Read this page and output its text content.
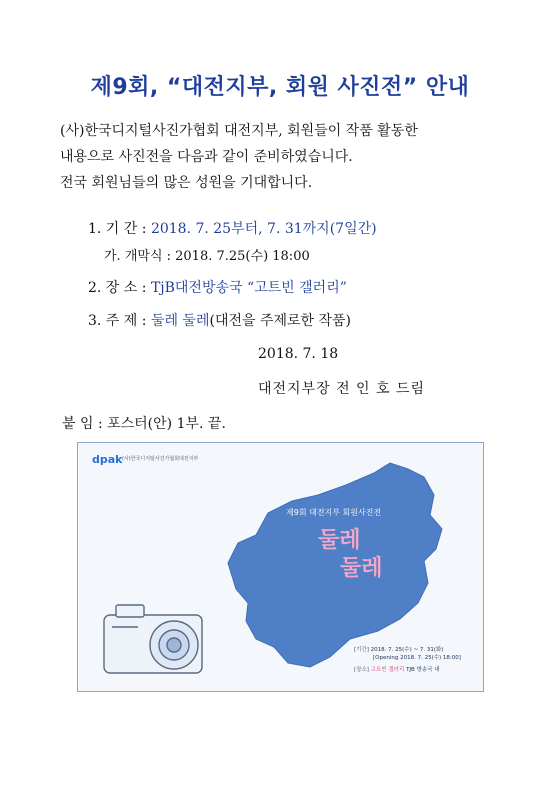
제9회, “대전지부, 회원 사진전” 안내

(사)한국디지털사진가협회 대전지부, 회원들이 작품 활동한

내용으로 사진전을 다음과 같이 준비하였습니다.

전국 회원님들의 많은 성원을 기대합니다.

1. 기 간 : 2018. 7. 25부터, 7. 31까지(7일간)
가. 개막식 : 2018. 7.25(수) 18:00
2. 장 소 : TjB대전방송국 “고트빈 갤러리”
3. 주 제 : 둘레 둘레(대전을 주제로한 작품)
2018. 7. 18
대전지부장 전 인 호 드림
붙 임 : 포스터(안) 1부. 끝.
dpak (사)한국디지털사진가협회대전지부
제9회 대전지부 회원사진전
둘레
둘레
[기간] 2018. 7. 25(수) ~ 7. 31(화)
[Opening 2018. 7. 25(수) 18:00]
[장소] 고트빈 갤러리 TJB 방송국 내
